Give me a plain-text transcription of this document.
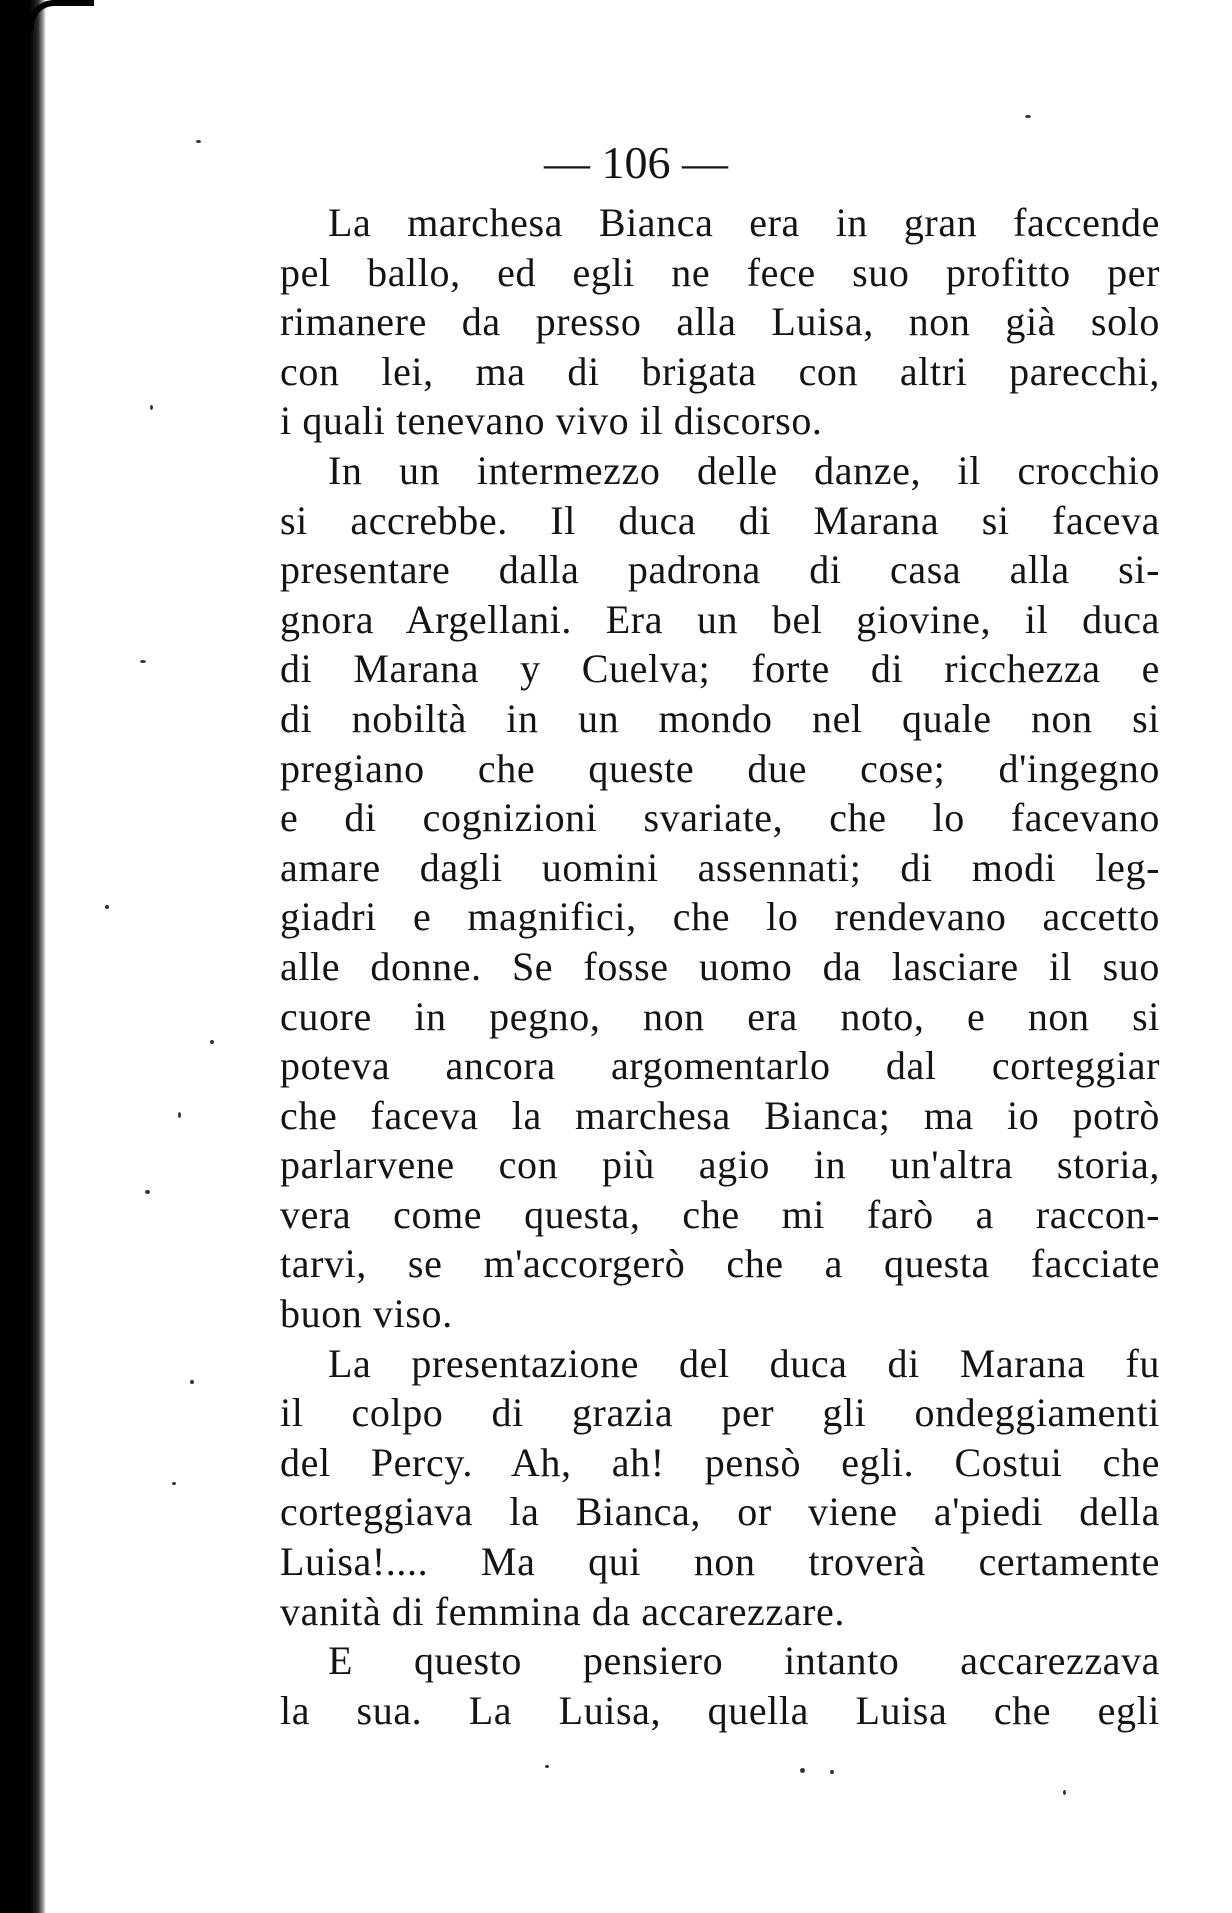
— 106 —
La marchesa Bianca era in gran faccende
pel ballo, ed egli ne fece suo profitto per
rimanere da presso alla Luisa, non già solo
con lei, ma di brigata con altri parecchi,
i quali tenevano vivo il discorso.
In un intermezzo delle danze, il crocchio
si accrebbe. Il duca di Marana si faceva
presentare dalla padrona di casa alla si-
gnora Argellani. Era un bel giovine, il duca
di Marana y Cuelva; forte di ricchezza e
di nobiltà in un mondo nel quale non si
pregiano che queste due cose; d'ingegno
e di cognizioni svariate, che lo facevano
amare dagli uomini assennati; di modi leg-
giadri e magnifici, che lo rendevano accetto
alle donne. Se fosse uomo da lasciare il suo
cuore in pegno, non era noto, e non si
poteva ancora argomentarlo dal corteggiar
che faceva la marchesa Bianca; ma io potrò
parlarvene con più agio in un'altra storia,
vera come questa, che mi farò a raccon-
tarvi, se m'accorgerò che a questa facciate
buon viso.
La presentazione del duca di Marana fu
il colpo di grazia per gli ondeggiamenti
del Percy. Ah, ah! pensò egli. Costui che
corteggiava la Bianca, or viene a'piedi della
Luisa!.... Ma qui non troverà certamente
vanità di femmina da accarezzare.
E questo pensiero intanto accarezzava
la sua. La Luisa, quella Luisa che egli
